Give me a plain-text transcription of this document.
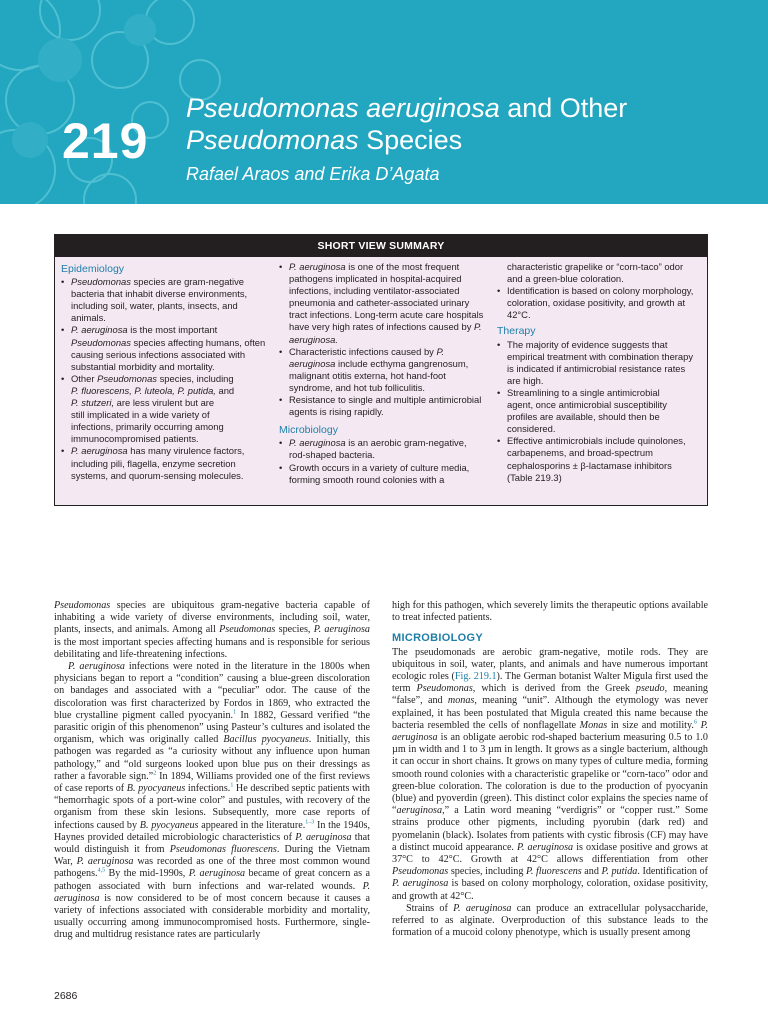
219
Pseudomonas aeruginosa and Other
Pseudomonas Species
Rafael Araos and Erika D’Agata
SHORT VIEW SUMMARY
Epidemiology
• Pseudomonas species are gram-negative
bacteria that inhabit diverse environments,
including soil, water, plants, insects, and
animals.
• P. aeruginosa is the most important
Pseudomonas species affecting humans, often
causing serious infections associated with
substantial morbidity and mortality.
• Other Pseudomonas species, including
P. fluorescens, P. luteola, P. putida, and
P. stutzeri, are less virulent but are
still implicated in a wide variety of
infections, primarily occurring among
immunocompromised patients.
• P. aeruginosa has many virulence factors,
including pili, flagella, enzyme secretion
systems, and quorum-sensing molecules.
• P. aeruginosa is one of the most frequent
pathogens implicated in hospital-acquired
infections, including ventilator-associated
pneumonia and catheter-associated urinary
tract infections. Long-term acute care hospitals
have very high rates of infections caused by P.
aeruginosa.
• Characteristic infections caused by P.
aeruginosa include ecthyma gangrenosum,
malignant otitis externa, hot hand-foot
syndrome, and hot tub folliculitis.
• Resistance to single and multiple antimicrobial
agents is rising rapidly.
Microbiology
• P. aeruginosa is an aerobic gram-negative,
rod-shaped bacteria.
• Growth occurs in a variety of culture media,
forming smooth round colonies with a
characteristic grapelike or “corn-taco” odor
and a green-blue coloration.
• Identification is based on colony morphology,
coloration, oxidase positivity, and growth at
42°C.
Therapy
• The majority of evidence suggests that
empirical treatment with combination therapy
is indicated if antimicrobial resistance rates
are high.
• Streamlining to a single antimicrobial
agent, once antimicrobial susceptibility
profiles are available, should then be
considered.
• Effective antimicrobials include quinolones,
carbapenems, and broad-spectrum
cephalosporins ± β-lactamase inhibitors
(Table 219.3)

Pseudomonas species are ubiquitous gram-negative bacteria capable of inhabiting a wide variety of diverse environments, including soil, water, plants, insects, and animals. Among all Pseudomonas species, P. aeruginosa is the most important species affecting humans and is responsible for serious debilitating and life-threatening infections.

P. aeruginosa infections were noted in the literature in the 1800s when physicians began to report a “condition” causing a blue-green discoloration on bandages and associated with a “peculiar” odor. The cause of the discoloration was first characterized by Fordos in 1869, who extracted the blue crystalline pigment called pyocyanin.$^1$ In 1882, Gessard verified “the parasitic origin of this phenomenon” using Pasteur’s cultures and isolated the organism, which was originally called Bacillus pyocyaneus. Initially, this pathogen was regarded as “a curiosity without any influence upon human pathology,” and “old surgeons looked upon blue pus on their dressings as rather a favorable sign.”$^2$ In 1894, Williams provided one of the first reviews of case reports of B. pyocyaneus infections.$^1$ He described septic patients with “hemorrhagic spots of a port-wine color” and pustules, with recovery of the organism from these skin lesions. Subsequently, more case reports of infections caused by B. pyocyaneus appeared in the literature.$^{1-3}$ In the 1940s, Haynes provided detailed microbiologic characteristics of P. aeruginosa that would distinguish it from Pseudomonas fluorescens. During the Vietnam War, P. aeruginosa was recorded as one of the three most common wound pathogens.$^{4,5}$ By the mid-1990s, P. aeruginosa became of great concern as a pathogen associated with burn infections and war-related wounds. P. aeruginosa is now considered to be of most concern because it causes a variety of infections associated with considerable morbidity and mortality, usually occurring among immunocompromised hosts. Furthermore, single-drug and multidrug resistance rates are particularly

high for this pathogen, which severely limits the therapeutic options available to treat infected patients.

MICROBIOLOGY

The pseudomonads are aerobic gram-negative, motile rods. They are ubiquitous in soil, water, plants, and animals and have numerous important ecologic roles (Fig. 219.1). The German botanist Walter Migula first used the term Pseudomonas, which is derived from the Greek pseudo, meaning “false”, and monas, meaning “unit”. Although the etymology was never explained, it has been postulated that Migula created this name because the bacteria resembled the cells of nonflagellate Monas in size and motility.$^6$ P. aeruginosa is an obligate aerobic rod-shaped bacterium measuring 0.5 to 1.0 µm in width and 1 to 3 µm in length. It grows as a single bacterium, although it can occur in short chains. It grows on many types of culture media, forming smooth round colonies with a characteristic grapelike or “corn-taco” odor and green-blue coloration. The coloration is due to the production of pyocyanin (blue) and pyoverdin (green). This distinct color explains the species name of “aeruginosa,” a Latin word meaning “verdigris” or “copper rust.” Some strains produce other pigments, including pyorubin (dark red) and pyomelanin (black). Isolates from patients with cystic fibrosis (CF) may have a distinct mucoid appearance. P. aeruginosa is oxidase positive and grows at 37°C to 42°C. Growth at 42°C allows differentiation from other Pseudomonas species, including P. fluorescens and P. putida. Identification of P. aeruginosa is based on colony morphology, coloration, oxidase positivity, and growth at 42°C.

Strains of P. aeruginosa can produce an extracellular polysaccharide, referred to as alginate. Overproduction of this substance leads to the formation of a mucoid colony phenotype, which is usually present among

2686
